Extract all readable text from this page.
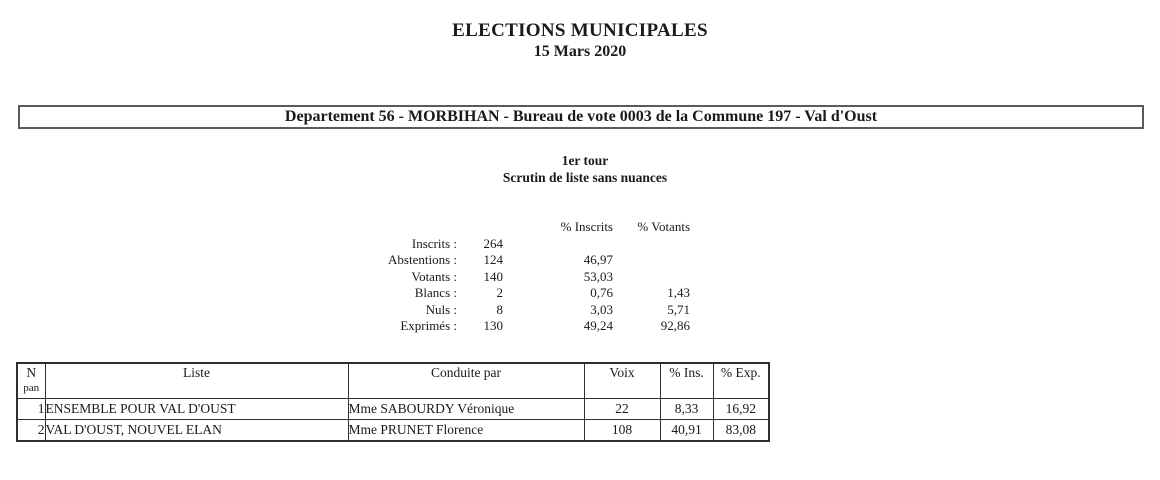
ELECTIONS MUNICIPALES
15 Mars 2020
Departement 56 - MORBIHAN - Bureau de vote 0003 de la Commune 197 - Val d'Oust
1er tour
Scrutin de liste sans nuances
		% Inscrits	% Votants
Inscrits :	264		
Abstentions :	124	46,97	
Votants :	140	53,03	
Blancs :	2	0,76	1,43
Nuls :	8	3,03	5,71
Exprimés :	130	49,24	92,86
N
pan	Liste	Conduite par	Voix	% Ins.	% Exp.
1	ENSEMBLE POUR VAL D'OUST	Mme SABOURDY Véronique	22	8,33	16,92
2	VAL D'OUST, NOUVEL ELAN	Mme PRUNET Florence	108	40,91	83,08
